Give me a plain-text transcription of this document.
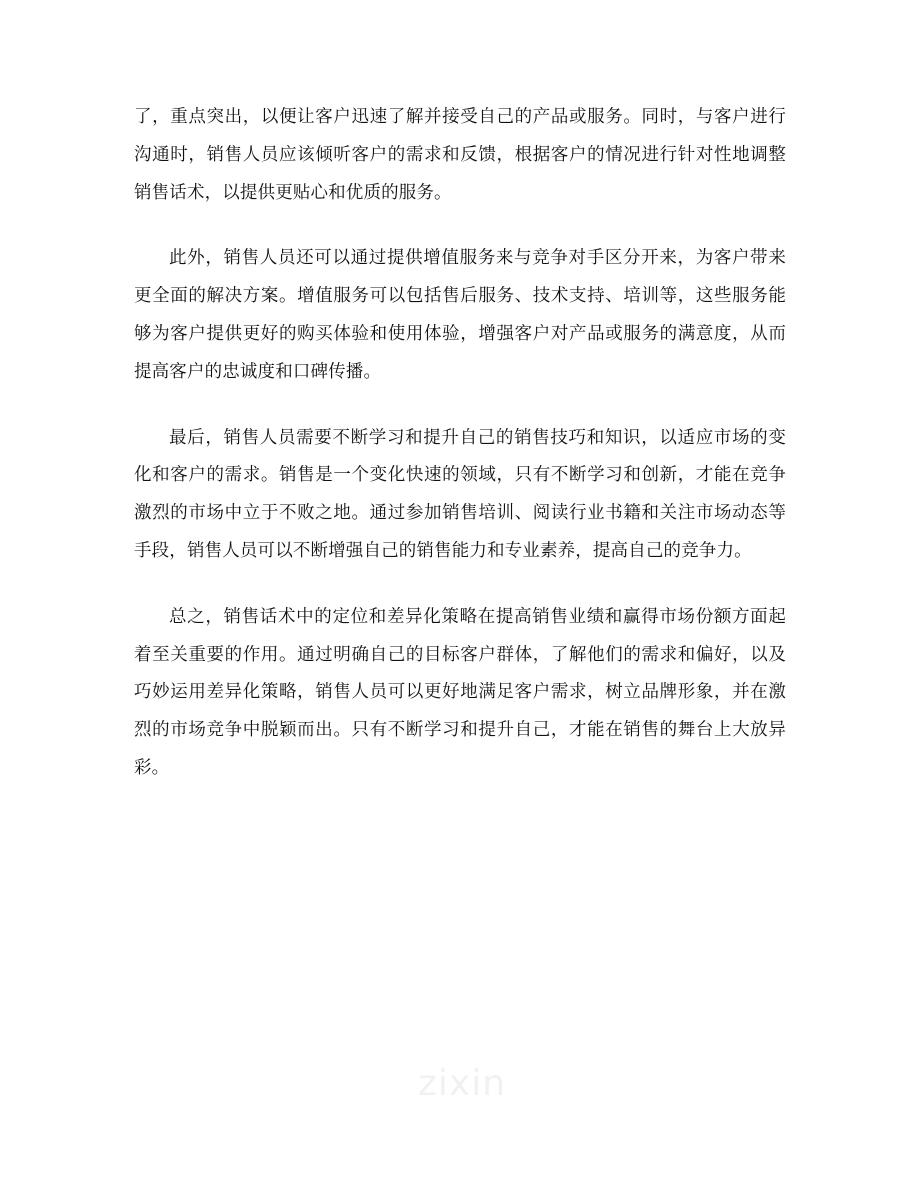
了，重点突出，以便让客户迅速了解并接受自己的产品或服务。同时，与客户进行沟通时，销售人员应该倾听客户的需求和反馈，根据客户的情况进行针对性地调整销售话术，以提供更贴心和优质的服务。

此外，销售人员还可以通过提供增值服务来与竞争对手区分开来，为客户带来更全面的解决方案。增值服务可以包括售后服务、技术支持、培训等，这些服务能够为客户提供更好的购买体验和使用体验，增强客户对产品或服务的满意度，从而提高客户的忠诚度和口碑传播。

最后，销售人员需要不断学习和提升自己的销售技巧和知识，以适应市场的变化和客户的需求。销售是一个变化快速的领域，只有不断学习和创新，才能在竞争激烈的市场中立于不败之地。通过参加销售培训、阅读行业书籍和关注市场动态等手段，销售人员可以不断增强自己的销售能力和专业素养，提高自己的竞争力。

总之，销售话术中的定位和差异化策略在提高销售业绩和赢得市场份额方面起着至关重要的作用。通过明确自己的目标客户群体，了解他们的需求和偏好，以及巧妙运用差异化策略，销售人员可以更好地满足客户需求，树立品牌形象，并在激烈的市场竞争中脱颖而出。只有不断学习和提升自己，才能在销售的舞台上大放异彩。

zixin
